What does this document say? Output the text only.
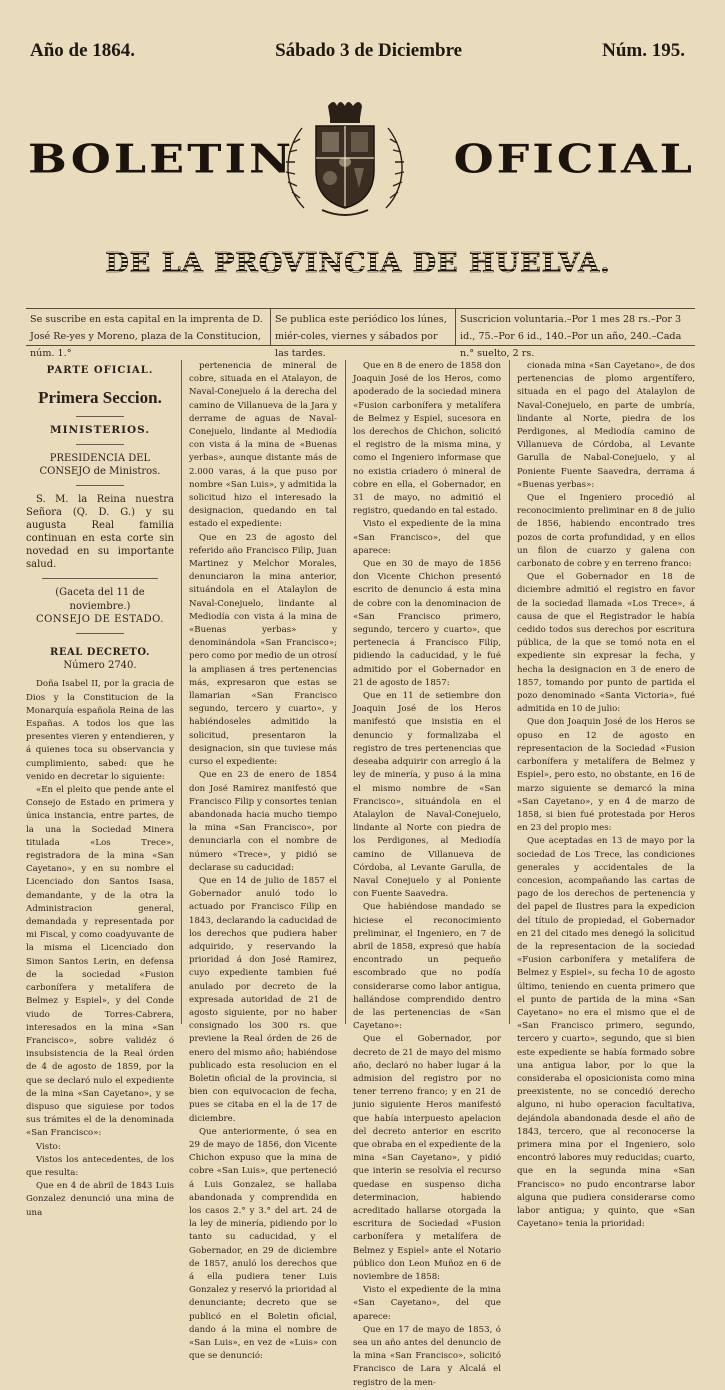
Año de 1864.	Sábado 3 de Diciembre	Núm. 195.
BOLETIN	OFICIAL
DE LA PROVINCIA DE HUELVA.
Se suscribe en esta capital en la imprenta de D. José Re-yes y Moreno, plaza de la Constitucion, núm. 1.°
Se publica este periódico los lúnes, miér-coles, viernes y sábados por las tardes.
Suscricion voluntaria.–Por 1 mes 28 rs.–Por 3 id., 75.–Por 6 id., 140.–Por un año, 240.–Cada n.° suelto, 2 rs.

PARTE OFICIAL.

Primera Seccion.

MINISTERIOS.

PRESIDENCIA DEL CONSEJO de Ministros.

S. M. la Reina nuestra Señora (Q. D. G.) y su augusta Real familia continuan en esta corte sin novedad en su importante salud.

(Gaceta del 11 de noviembre.)

CONSEJO DE ESTADO.

REAL DECRETO.

Número 2740.

Doña Isabel II, por la gracia de Dios y la Constitucion de la Monarquía española Reina de las Españas. A todos los que las presentes vieren y entendieren, y á quienes toca su observancia y cumplimiento, sabed: que he venido en decretar lo siguiente:

«En el pleito que pende ante el Consejo de Estado en primera y única instancia, entre partes, de la una la Sociedad Minera titulada «Los Trece», registradora de la mina «San Cayetano», y en su nombre el Licenciado don Santos Isasa, demandante, y de la otra la Administracion general, demandada y representada por mi Fiscal, y como coadyuvante de la misma el Licenciado don Simon Santos Lerin, en defensa de la sociedad «Fusion carbonífera y metalífera de Belmez y Espiel», y del Conde viudo de Torres-Cabrera, interesados en la mina «San Francisco», sobre validéz ó insubsistencia de la Real órden de 4 de agosto de 1859, por la que se declaró nulo el expediente de la mina «San Cayetano», y se dispuso que siguiese por todos sus trámites el de la denominada «San Francisco»:

Visto:

Vistos los antecedentes, de los que resulta:

Que en 4 de abril de 1843 Luis Gonzalez denunció una mina de una

pertenencia de mineral de cobre, situada en el Atalayon, de Naval-Conejuelo á la derecha del camino de Villanueva de la Jara y derrame de aguas de Naval-Conejuelo, lindante al Mediodía con vista á la mina de «Buenas yerbas», aunque distante más de 2.000 varas, á la que puso por nombre «San Luis», y admitida la solicitud hizo el interesado la designacion, quedando en tal estado el expediente:

Que en 23 de agosto del referido año Francisco Filip, Juan Martinez y Melchor Morales, denunciaron la mina anterior, situándola en el Atalaylon de Naval-Conejuelo, lindante al Mediodía con vista á la mina de «Buenas yerbas» y denominándola «San Francisco»; pero como por medio de un otrosí la ampliasen á tres pertenencias más, expresaron que estas se llamarian «San Francisco segundo, tercero y cuarto», y habiéndoseles admitido la solicitud, presentaron la designacion, sin que tuviese más curso el expediente:

Que en 23 de enero de 1854 don José Ramirez manifestó que Francisco Filip y consortes tenian abandonada hacia mucho tiempo la mina «San Francisco», por denunciarla con el nombre de número «Trece», y pidió se declarase su caducidad:

Que en 14 de julio de 1857 el Gobernador anuló todo lo actuado por Francisco Filip en 1843, declarando la caducidad de los derechos que pudiera haber adquirido, y reservando la prioridad á don José Ramirez, cuyo expediente tambien fué anulado por decreto de la expresada autoridad de 21 de agosto siguiente, por no haber consignado los 300 rs. que previene la Real órden de 26 de enero del mismo año; habiéndose publicado esta resolucion en el Boletin oficial de la provincia, si bien con equivocacion de fecha, pues se citaba en el la de 17 de diciembre.

Que anteriormente, ó sea en 29 de mayo de 1856, don Vicente Chichon expuso que la mina de cobre «San Luis», que perteneció á Luis Gonzalez, se hallaba abandonada y comprendida en los casos 2.° y 3.° del art. 24 de la ley de minería, pidiendo por lo tanto su caducidad, y el Gobernador, en 29 de diciembre de 1857, anuló los derechos que á ella pudiera tener Luis Gonzalez y reservó la prioridad al denunciante; decreto que se publicó en el Boletin oficial, dando á la mina el nombre de «San Luis», en vez de «Luis» con que se denunció:

Que en 8 de enero de 1858 don Joaquin José de los Heros, como apoderado de la sociedad minera «Fusion carbonífera y metalífera de Belmez y Espiel, sucesora en los derechos de Chichon, solicitó el registro de la misma mina, y como el Ingeniero informase que no existia criadero ó mineral de cobre en ella, el Gobernador, en 31 de mayo, no admitió el registro, quedando en tal estado.

Visto el expediente de la mina «San Francisco», del que aparece:

Que en 30 de mayo de 1856 don Vicente Chichon presentó escrito de denuncio á esta mina de cobre con la denominacion de «San Francisco primero, segundo, tercero y cuarto», que pertenecia á Francisco Filip, pidiendo la caducidad, y le fué admitido por el Gobernador en 21 de agosto de 1857:

Que en 11 de setiembre don Joaquin José de los Heros manifestó que insistia en el denuncio y formalizaba el registro de tres pertenencias que deseaba adquirir con arreglo á la ley de minería, y puso á la mina el mismo nombre de «San Francisco», situándola en el Atalaylon de Naval-Conejuelo, lindante al Norte con piedra de los Perdigones, al Mediodía camino de Villanueva de Córdoba, al Levante Garulla, de Naval Conejuelo y al Poniente con Fuente Saavedra.

Que habiéndose mandado se hiciese el reconocimiento preliminar, el Ingeniero, en 7 de abril de 1858, expresó que había encontrado un pequeño escombrado que no podía considerarse como labor antigua, hallándose comprendido dentro de las pertenencias de «San Cayetano»:

Que el Gobernador, por decreto de 21 de mayo del mismo año, declaró no haber lugar á la admision del registro por no tener terreno franco; y en 21 de junio siguiente Heros manifestó que había interpuesto apelacion del decreto anterior en escrito que obraba en el expediente de la mina «San Cayetano», y pidió que interin se resolvia el recurso quedase en suspenso dicha determinacion, habiendo acreditado hallarse otorgada la escritura de Sociedad «Fusion carbonífera y metalífera de Belmez y Espiel» ante el Notario público don Leon Muñoz en 6 de noviembre de 1858:

Visto el expediente de la mina «San Cayetano», del que aparece:

Que en 17 de mayo de 1853, ó sea un año antes del denuncio de la mina «San Francisco», solicitó Francisco de Lara y Alcalá el registro de la men-

cionada mina «San Cayetano», de dos pertenencias de plomo argentífero, situada en el pago del Atalaylon de Naval-Conejuelo, en parte de umbría, lindante al Norte, piedra de los Perdigones, al Mediodía camino de Villanueva de Córdoba, al Levante Garulla de Nabal-Conejuelo, y al Poniente Fuente Saavedra, derrama á «Buenas yerbas»:

Que el Ingeniero procedió al reconocimiento preliminar en 8 de julio de 1856, habiendo encontrado tres pozos de corta profundidad, y en ellos un filon de cuarzo y galena con carbonato de cobre y en terreno franco:

Que el Gobernador en 18 de diciembre admitió el registro en favor de la sociedad llamada «Los Trece», á causa de que el Registrador le había cedido todos sus derechos por escritura pública, de la que se tomó nota en el expediente sin expresar la fecha, y hecha la designacion en 3 de enero de 1857, tomando por punto de partida el pozo denominado «Santa Victoria», fué admitida en 10 de julio:

Que don Joaquin José de los Heros se opuso en 12 de agosto en representacion de la Sociedad «Fusion carbonífera y metalífera de Belmez y Espiel», pero esto, no obstante, en 16 de marzo siguiente se demarcó la mina «San Cayetano», y en 4 de marzo de 1858, si bien fué protestada por Heros en 23 del propio mes:

Que aceptadas en 13 de mayo por la sociedad de Los Trece, las condiciones generales y accidentales de la concesion, acompañando las cartas de pago de los derechos de pertenencia y del papel de Ilustres para la expedicion del título de propiedad, el Gobernador en 21 del citado mes denegó la solicitud de la representacion de la sociedad «Fusion carbonífera y metalífera de Belmez y Espiel», su fecha 10 de agosto último, teniendo en cuenta primero que el punto de partida de la mina «San Cayetano» no era el mismo que el de «San Francisco primero, segundo, tercero y cuarto», segundo, que si bien este expediente se había formado sobre una antigua labor, por lo que la consideraba el oposicionista como mina preexistente, no se concedió derecho alguno, ni hubo operacion facultativa, dejándola abandonada desde el año de 1843, tercero, que al reconocerse la primera mina por el Ingeniero, solo encontró labores muy reducidas; cuarto, que en la segunda mina «San Francisco» no pudo encontrarse labor alguna que pudiera considerarse como labor antigua; y quinto, que «San Cayetano» tenia la prioridad:
